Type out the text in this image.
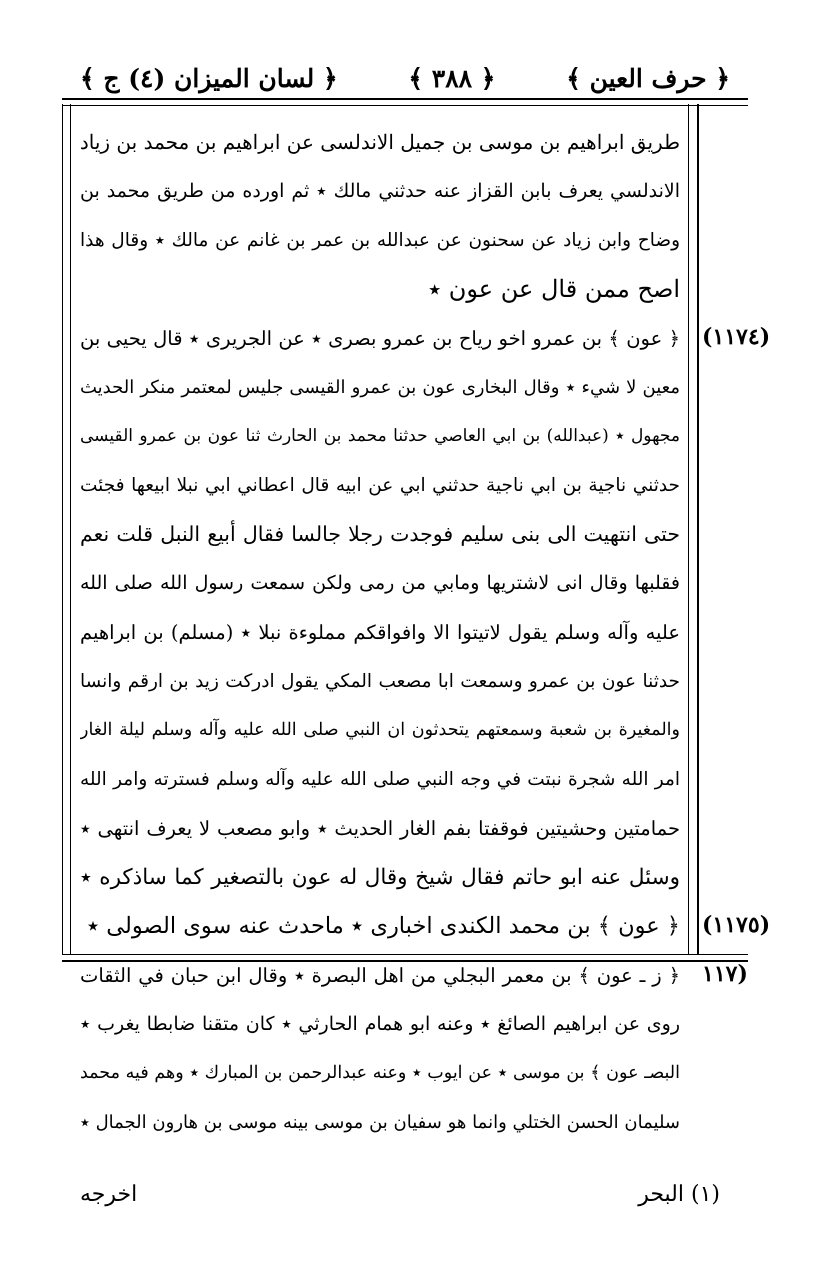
﴿ حرف العين ﴾
﴿ ٣٨٨ ﴾
﴿ لسان الميزان (٤) ج ﴾
طريق ابراهيم بن موسى بن جميل الاندلسى عن ابراهيم بن محمد بن زياد
الاندلسي يعرف بابن القزاز عنه حدثني مالك ٭ ثم اورده من طريق محمد بن
وضاح وابن زياد عن سحنون عن عبدالله بن عمر بن غانم عن مالك ٭ وقال هذا
اصح ممن قال عن عون ٭
﴿ عون ﴾ بن عمرو اخو رياح بن عمرو بصرى ٭ عن الجريرى ٭ قال يحيى بن
معين لا شيء ٭ وقال البخارى عون بن عمرو القيسى جليس لمعتمر منكر الحديث
مجهول ٭ (عبدالله) بن ابي العاصي حدثنا محمد بن الحارث ثنا عون بن عمرو القيسى
حدثني ناجية بن ابي ناجية حدثني ابي عن ابيه قال اعطاني ابي نبلا ابيعها فجئت
حتى انتهيت الى بنى سليم فوجدت رجلا جالسا فقال أبيع النبل قلت نعم
فقلبها وقال انى لاشتريها ومابي من رمى ولكن سمعت رسول الله صلى الله
عليه وآله وسلم يقول لاتيتوا الا وافواقكم مملوءة نبلا ٭ (مسلم) بن ابراهيم
حدثنا عون بن عمرو وسمعت ابا مصعب المكي يقول ادركت زيد بن ارقم وانسا
والمغيرة بن شعبة وسمعتهم يتحدثون ان النبي صلى الله عليه وآله وسلم ليلة الغار
امر الله شجرة نبتت في وجه النبي صلى الله عليه وآله وسلم فسترته وامر الله
حمامتين وحشيتين فوقفتا بفم الغار الحديث ٭ وابو مصعب لا يعرف انتهى ٭
وسئل عنه ابو حاتم فقال شيخ وقال له عون بالتصغير كما ساذكره ٭
﴿ عون ﴾ بن محمد الكندى اخبارى ٭ ماحدث عنه سوى الصولى ٭
﴿ ز ـ عون ﴾ بن معمر البجلي من اهل البصرة ٭ وقال ابن حبان في الثقات
روى عن ابراهيم الصائغ ٭ وعنه ابو همام الحارثي ٭ كان متقنا ضابطا يغرب ٭
البصـ عون ﴾ بن موسى ٭ عن ايوب ٭ وعنه عبدالرحمن بن المبارك ٭ وهم فيه محمد
سليمان الحسن الختلي وانما هو سفيان بن موسى بينه موسى بن هارون الجمال ٭
(١١٧٤)
(١١٧٥)
(١١٧
(١) البحر
اخرجه
